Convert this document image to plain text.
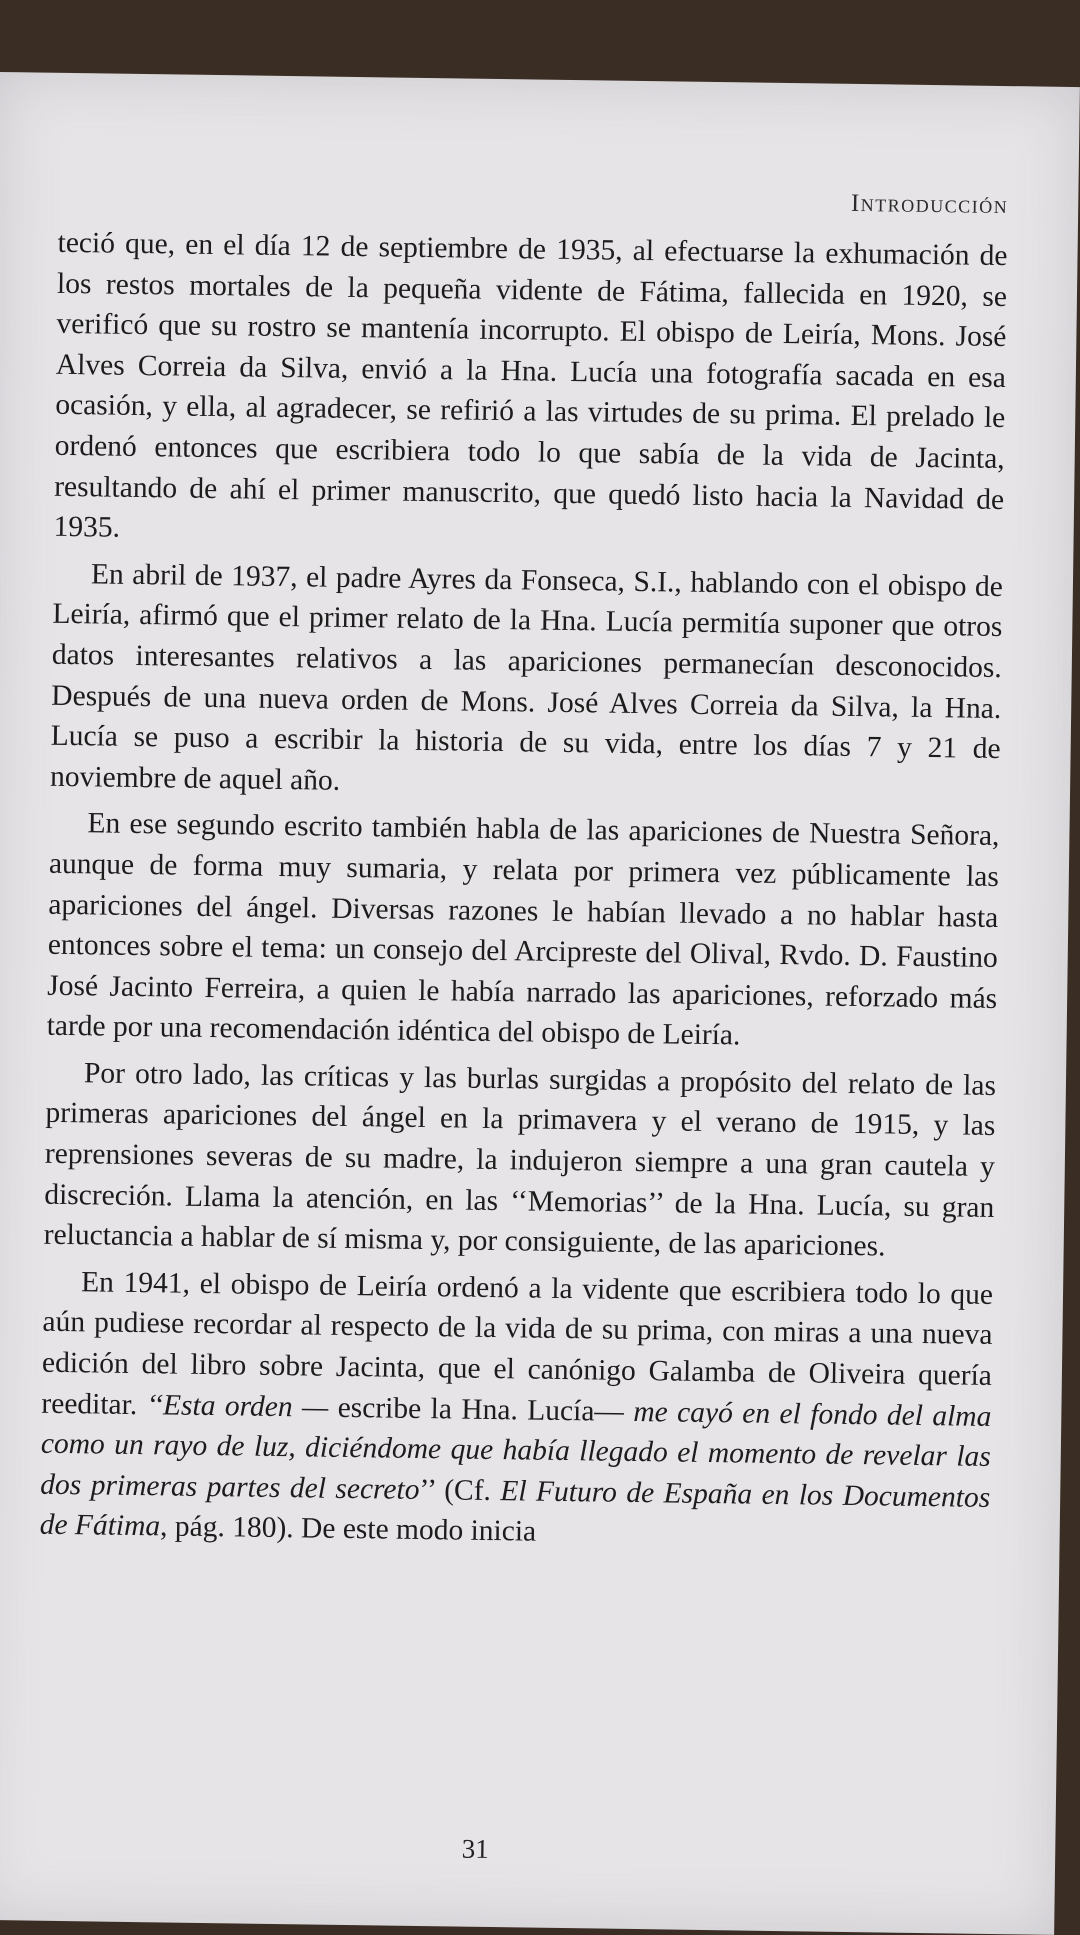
Introducción

teció que, en el día 12 de septiembre de 1935, al efectuarse la exhumación de los restos mortales de la pequeña vidente de Fátima, fallecida en 1920, se verificó que su rostro se mantenía incorrupto. El obispo de Leiría, Mons. José Alves Correia da Silva, envió a la Hna. Lucía una fotografía sacada en esa ocasión, y ella, al agradecer, se refirió a las virtudes de su prima. El prelado le ordenó entonces que escribiera todo lo que sabía de la vida de Jacinta, resultando de ahí el primer manuscrito, que quedó listo hacia la Navidad de 1935.

En abril de 1937, el padre Ayres da Fonseca, S.I., hablando con el obispo de Leiría, afirmó que el primer relato de la Hna. Lucía permitía suponer que otros datos interesantes relativos a las apariciones permanecían desconocidos. Después de una nueva orden de Mons. José Alves Correia da Silva, la Hna. Lucía se puso a escribir la historia de su vida, entre los días 7 y 21 de noviembre de aquel año.

En ese segundo escrito también habla de las apariciones de Nuestra Señora, aunque de forma muy sumaria, y relata por primera vez públicamente las apariciones del ángel. Diversas razones le habían llevado a no hablar hasta entonces sobre el tema: un consejo del Arcipreste del Olival, Rvdo. D. Faustino José Jacinto Ferreira, a quien le había narrado las apariciones, reforzado más tarde por una recomendación idéntica del obispo de Leiría.

Por otro lado, las críticas y las burlas surgidas a propósito del relato de las primeras apariciones del ángel en la primavera y el verano de 1915, y las reprensiones severas de su madre, la indujeron siempre a una gran cautela y discreción. Llama la atención, en las ‘‘Memorias’’ de la Hna. Lucía, su gran reluctancia a hablar de sí misma y, por consiguiente, de las apariciones.

En 1941, el obispo de Leiría ordenó a la vidente que escribiera todo lo que aún pudiese recordar al respecto de la vida de su prima, con miras a una nueva edición del libro sobre Jacinta, que el canónigo Galamba de Oliveira quería reeditar. ‘‘Esta orden — escribe la Hna. Lucía— me cayó en el fondo del alma como un rayo de luz, diciéndome que había llegado el momento de revelar las dos primeras partes del secreto’’ (Cf. El Futuro de España en los Documentos de Fátima, pág. 180). De este modo inicia

31
